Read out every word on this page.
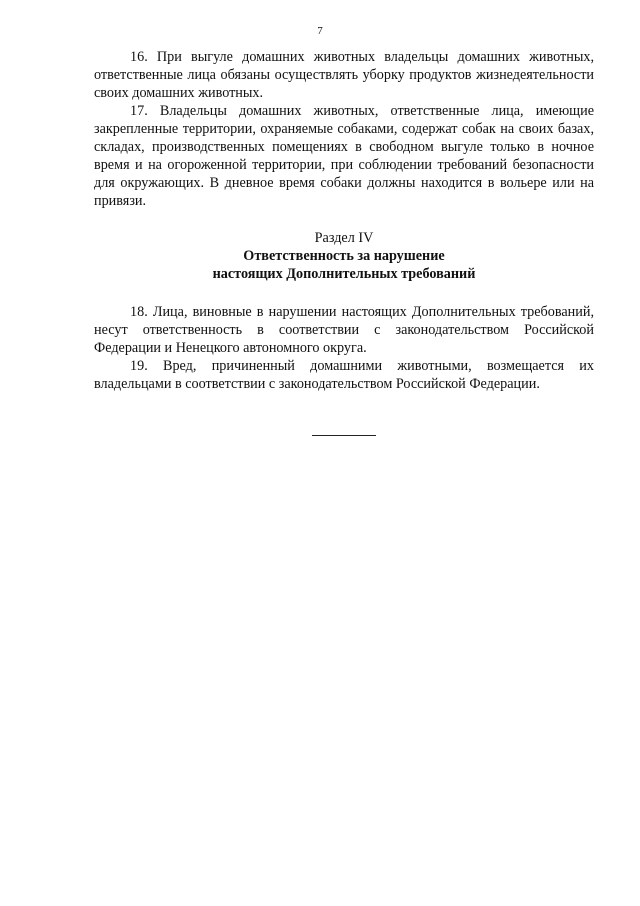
7

16. При выгуле домашних животных владельцы домашних животных, ответственные лица обязаны осуществлять уборку продуктов жизнедеятельности своих домашних животных.

17. Владельцы домашних животных, ответственные лица, имеющие закрепленные территории, охраняемые собаками, содержат собак на своих базах, складах, производственных помещениях в свободном выгуле только в ночное время и на огороженной территории, при соблюдении требований безопасности для окружающих. В дневное время собаки должны находится в вольере или на привязи.

Раздел IV

Ответственность за нарушение

настоящих Дополнительных требований

18. Лица, виновные в нарушении настоящих Дополнительных требований, несут ответственность в соответствии с законодательством Российской Федерации и Ненецкого автономного округа.

19. Вред, причиненный домашними животными, возмещается их владельцами в соответствии с законодательством Российской Федерации.
